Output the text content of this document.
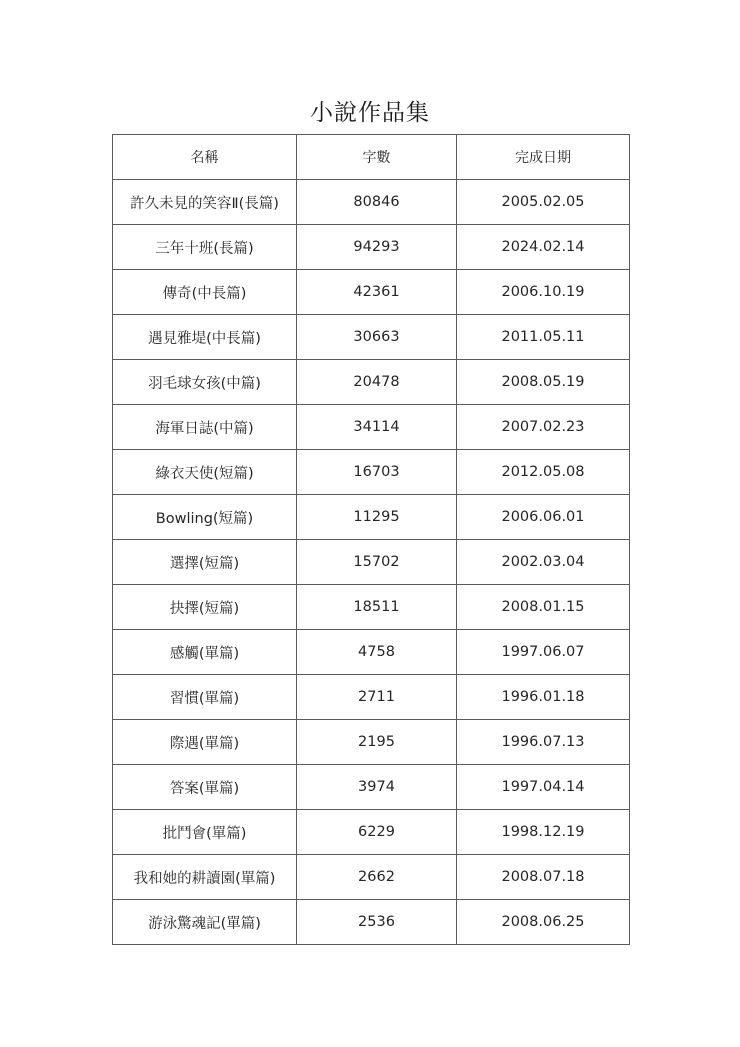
小說作品集
名稱	字數	完成日期
許久未見的笑容Ⅱ(長篇)	80846	2005.02.05
三年十班(長篇)	94293	2024.02.14
傳奇(中長篇)	42361	2006.10.19
遇見雅堤(中長篇)	30663	2011.05.11
羽毛球女孩(中篇)	20478	2008.05.19
海軍日誌(中篇)	34114	2007.02.23
綠衣天使(短篇)	16703	2012.05.08
Bowling(短篇)	11295	2006.06.01
選擇(短篇)	15702	2002.03.04
抉擇(短篇)	18511	2008.01.15
感觸(單篇)	4758	1997.06.07
習慣(單篇)	2711	1996.01.18
際遇(單篇)	2195	1996.07.13
答案(單篇)	3974	1997.04.14
批鬥會(單篇)	6229	1998.12.19
我和她的耕讀園(單篇)	2662	2008.07.18
游泳驚魂記(單篇)	2536	2008.06.25
